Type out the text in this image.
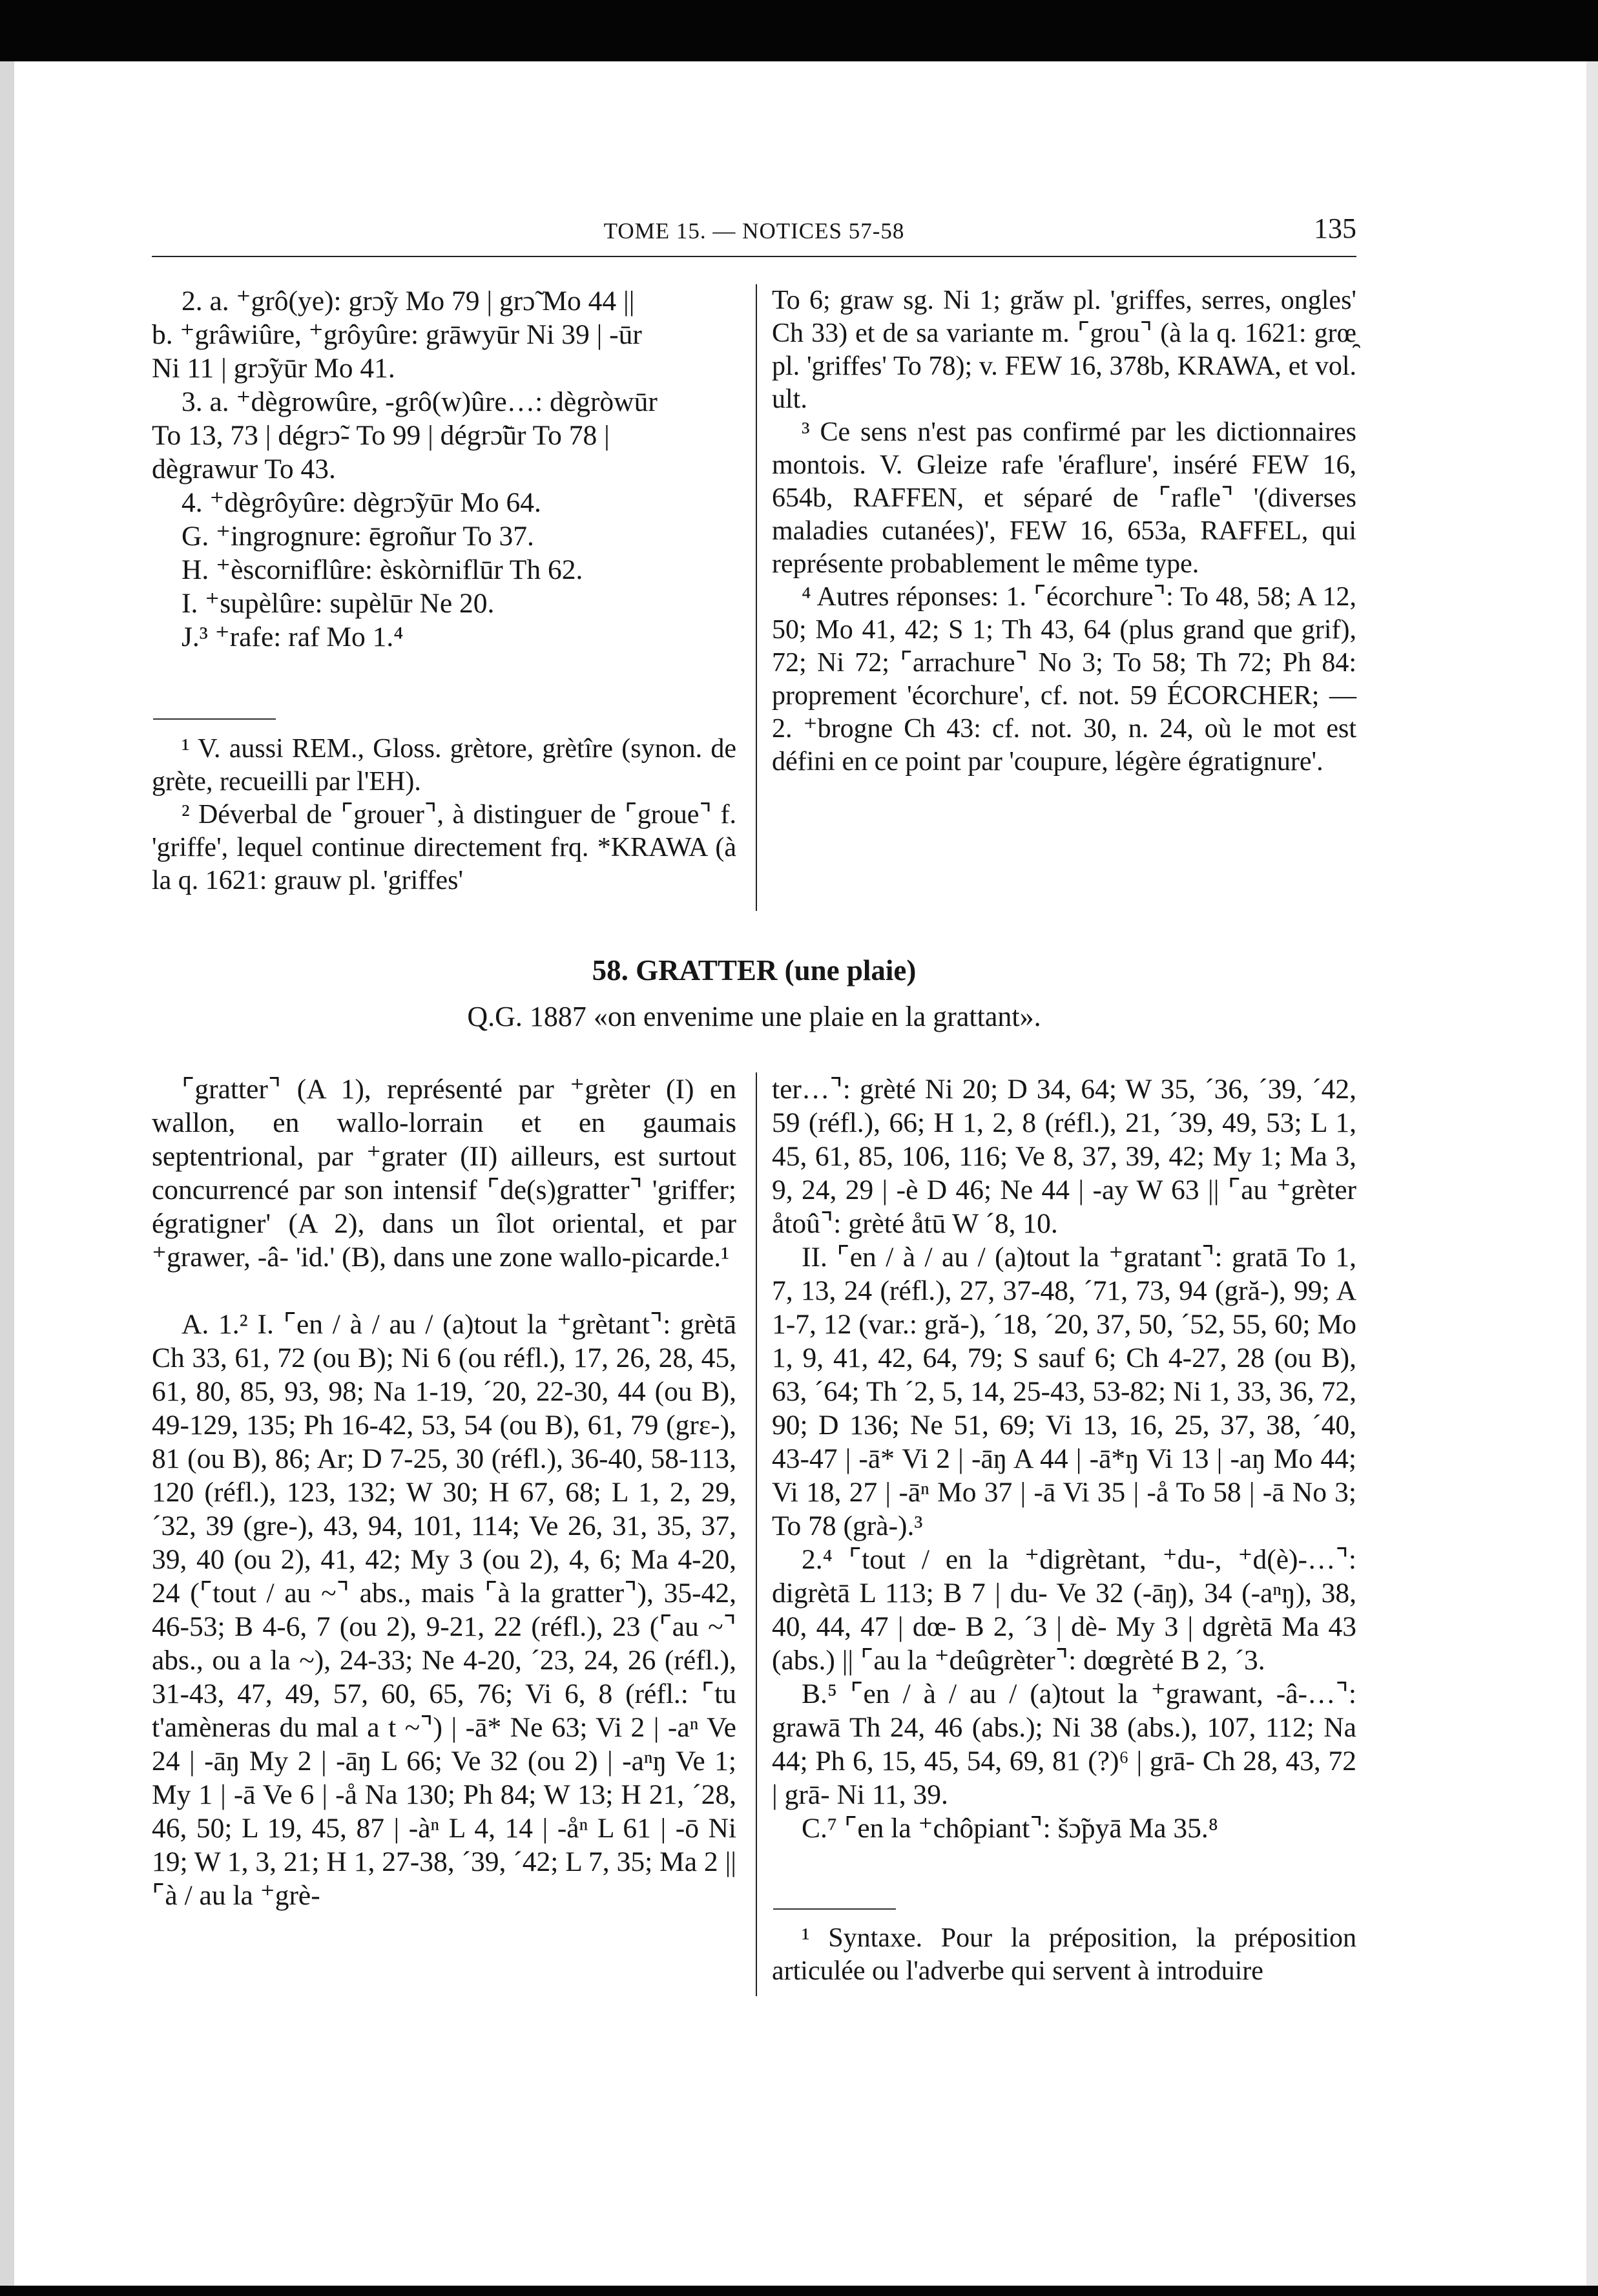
TOME 15. — NOTICES 57-58	135

2. a. ⁺grô(ye): grɔ̃y Mo 79 | grɔ̃ Mo 44 ||

b. ⁺grâwiûre, ⁺grôyûre: grāwyūr Ni 39 | -ūr

Ni 11 | grɔ̃yūr Mo 41.

3. a. ⁺dègrowûre, -grô(w)ûre…: dègròwūr

To 13, 73 | dégrɔ̃- To 99 | dégrɔ̃ūr To 78 |

dègrawur To 43.

4. ⁺dègrôyûre: dègrɔ̃yūr Mo 64.

G. ⁺ingrognure: ēgroñur To 37.

H. ⁺èscorniflûre: èskòrniflūr Th 62.

I. ⁺supèlûre: supèlūr Ne 20.

J.³ ⁺rafe: raf Mo 1.⁴

¹ V. aussi REM., Gloss. grètore, grètîre (synon. de grète, recueilli par l'EH).

² Déverbal de ⌜grouer⌝, à distinguer de ⌜groue⌝ f. 'griffe', lequel continue directement frq. *KRAWA (à la q. 1621: grauw pl. 'griffes'

To 6; graw sg. Ni 1; grăw pl. 'griffes, serres, ongles' Ch 33) et de sa variante m. ⌜grou⌝ (à la q. 1621: grœ̯ pl. 'griffes' To 78); v. FEW 16, 378b, KRAWA, et vol. ult.

³ Ce sens n'est pas confirmé par les dictionnaires montois. V. Gleize rafe 'éraflure', inséré FEW 16, 654b, RAFFEN, et séparé de ⌜rafle⌝ '(diverses maladies cutanées)', FEW 16, 653a, RAFFEL, qui représente probablement le même type.

⁴ Autres réponses: 1. ⌜écorchure⌝: To 48, 58; A 12, 50; Mo 41, 42; S 1; Th 43, 64 (plus grand que grif), 72; Ni 72; ⌜arrachure⌝ No 3; To 58; Th 72; Ph 84: proprement 'écorchure', cf. not. 59 ÉCORCHER; — 2. ⁺brogne Ch 43: cf. not. 30, n. 24, où le mot est défini en ce point par 'coupure, légère égratignure'.

58. GRATTER (une plaie)
Q.G. 1887 «on envenime une plaie en la grattant».

⌜gratter⌝ (A 1), représenté par ⁺grèter (I) en wallon, en wallo-lorrain et en gaumais septentrional, par ⁺grater (II) ailleurs, est surtout concurrencé par son intensif ⌜de(s)gratter⌝ 'griffer; égratigner' (A 2), dans un îlot oriental, et par ⁺grawer, -â- 'id.' (B), dans une zone wallo-picarde.¹

A. 1.² I. ⌜en / à / au / (a)tout la ⁺grètant⌝: grètā Ch 33, 61, 72 (ou B); Ni 6 (ou réfl.), 17, 26, 28, 45, 61, 80, 85, 93, 98; Na 1-19, ´20, 22-30, 44 (ou B), 49-129, 135; Ph 16-42, 53, 54 (ou B), 61, 79 (grɛ-), 81 (ou B), 86; Ar; D 7-25, 30 (réfl.), 36-40, 58-113, 120 (réfl.), 123, 132; W 30; H 67, 68; L 1, 2, 29, ´32, 39 (gre-), 43, 94, 101, 114; Ve 26, 31, 35, 37, 39, 40 (ou 2), 41, 42; My 3 (ou 2), 4, 6; Ma 4-20, 24 (⌜tout / au ~⌝ abs., mais ⌜à la gratter⌝), 35-42, 46-53; B 4-6, 7 (ou 2), 9-21, 22 (réfl.), 23 (⌜au ~⌝ abs., ou a la ~), 24-33; Ne 4-20, ´23, 24, 26 (réfl.), 31-43, 47, 49, 57, 60, 65, 76; Vi 6, 8 (réfl.: ⌜tu t'amèneras du mal a t ~⌝) | -ā* Ne 63; Vi 2 | -aⁿ Ve 24 | -āŋ My 2 | -āŋ L 66; Ve 32 (ou 2) | -aⁿŋ Ve 1; My 1 | -ā Ve 6 | -å Na 130; Ph 84; W 13; H 21, ´28, 46, 50; L 19, 45, 87 | -àⁿ L 4, 14 | -åⁿ L 61 | -ō Ni 19; W 1, 3, 21; H 1, 27-38, ´39, ´42; L 7, 35; Ma 2 || ⌜à / au la ⁺grè-

ter…⌝: grèté Ni 20; D 34, 64; W 35, ´36, ´39, ´42, 59 (réfl.), 66; H 1, 2, 8 (réfl.), 21, ´39, 49, 53; L 1, 45, 61, 85, 106, 116; Ve 8, 37, 39, 42; My 1; Ma 3, 9, 24, 29 | -è D 46; Ne 44 | -ay W 63 || ⌜au ⁺grèter åtoû⌝: grèté åtū W ´8, 10.

II. ⌜en / à / au / (a)tout la ⁺gratant⌝: gratā To 1, 7, 13, 24 (réfl.), 27, 37-48, ´71, 73, 94 (gră-), 99; A 1-7, 12 (var.: gră-), ´18, ´20, 37, 50, ´52, 55, 60; Mo 1, 9, 41, 42, 64, 79; S sauf 6; Ch 4-27, 28 (ou B), 63, ´64; Th ´2, 5, 14, 25-43, 53-82; Ni 1, 33, 36, 72, 90; D 136; Ne 51, 69; Vi 13, 16, 25, 37, 38, ´40, 43-47 | -ā* Vi 2 | -āŋ A 44 | -ā*ŋ Vi 13 | -aŋ Mo 44; Vi 18, 27 | -āⁿ Mo 37 | -ā Vi 35 | -å To 58 | -ā No 3; To 78 (grà-).³

2.⁴ ⌜tout / en la ⁺digrètant, ⁺du-, ⁺d(è)-…⌝: digrètā L 113; B 7 | du- Ve 32 (-āŋ), 34 (-aⁿŋ), 38, 40, 44, 47 | dœ- B 2, ´3 | dè- My 3 | dgrètā Ma 43 (abs.) || ⌜au la ⁺deûgrèter⌝: dœgrèté B 2, ´3.

B.⁵ ⌜en / à / au / (a)tout la ⁺grawant, -â-…⌝: grawā Th 24, 46 (abs.); Ni 38 (abs.), 107, 112; Na 44; Ph 6, 15, 45, 54, 69, 81 (?)⁶ | grā- Ch 28, 43, 72 | grā- Ni 11, 39.

C.⁷ ⌜en la ⁺chôpiant⌝: šɔ̃pyā Ma 35.⁸

¹ Syntaxe. Pour la préposition, la préposition articulée ou l'adverbe qui servent à introduire
